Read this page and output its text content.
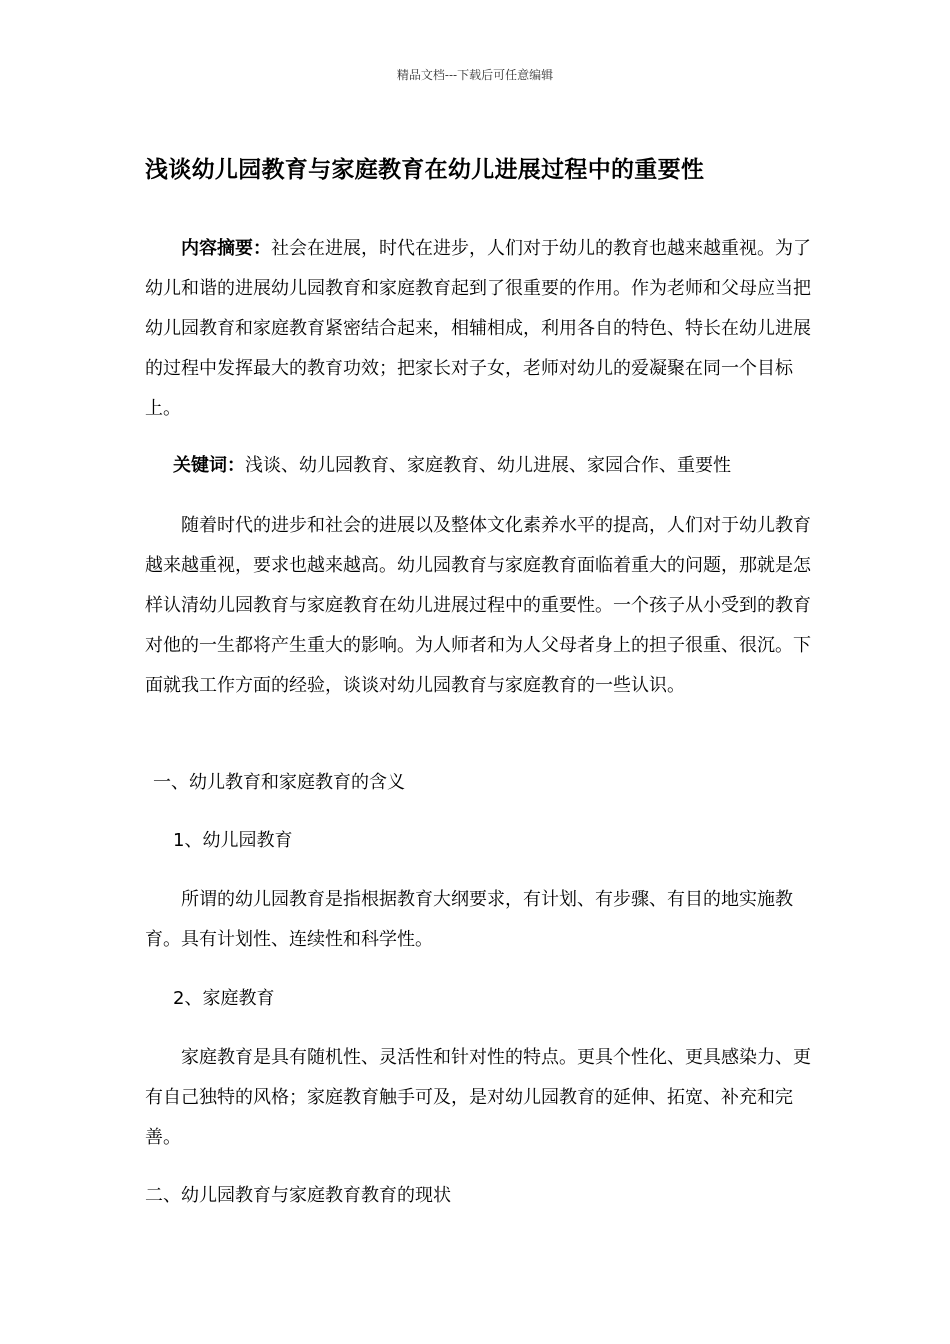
精品文档---下载后可任意编辑
浅谈幼儿园教育与家庭教育在幼儿进展过程中的重要性
内容摘要：社会在进展，时代在进步，人们对于幼儿的教育也越来越重视。为了幼儿和谐的进展幼儿园教育和家庭教育起到了很重要的作用。作为老师和父母应当把幼儿园教育和家庭教育紧密结合起来，相辅相成，利用各自的特色、特长在幼儿进展的过程中发挥最大的教育功效；把家长对子女，老师对幼儿的爱凝聚在同一个目标上。
关键词：浅谈、幼儿园教育、家庭教育、幼儿进展、家园合作、重要性
随着时代的进步和社会的进展以及整体文化素养水平的提高，人们对于幼儿教育越来越重视，要求也越来越高。幼儿园教育与家庭教育面临着重大的问题，那就是怎样认清幼儿园教育与家庭教育在幼儿进展过程中的重要性。一个孩子从小受到的教育对他的一生都将产生重大的影响。为人师者和为人父母者身上的担子很重、很沉。下面就我工作方面的经验，谈谈对幼儿园教育与家庭教育的一些认识。
一、幼儿教育和家庭教育的含义
1、幼儿园教育
所谓的幼儿园教育是指根据教育大纲要求，有计划、有步骤、有目的地实施教育。具有计划性、连续性和科学性。
2、家庭教育
家庭教育是具有随机性、灵活性和针对性的特点。更具个性化、更具感染力、更有自己独特的风格；家庭教育触手可及，是对幼儿园教育的延伸、拓宽、补充和完善。
二、幼儿园教育与家庭教育教育的现状
